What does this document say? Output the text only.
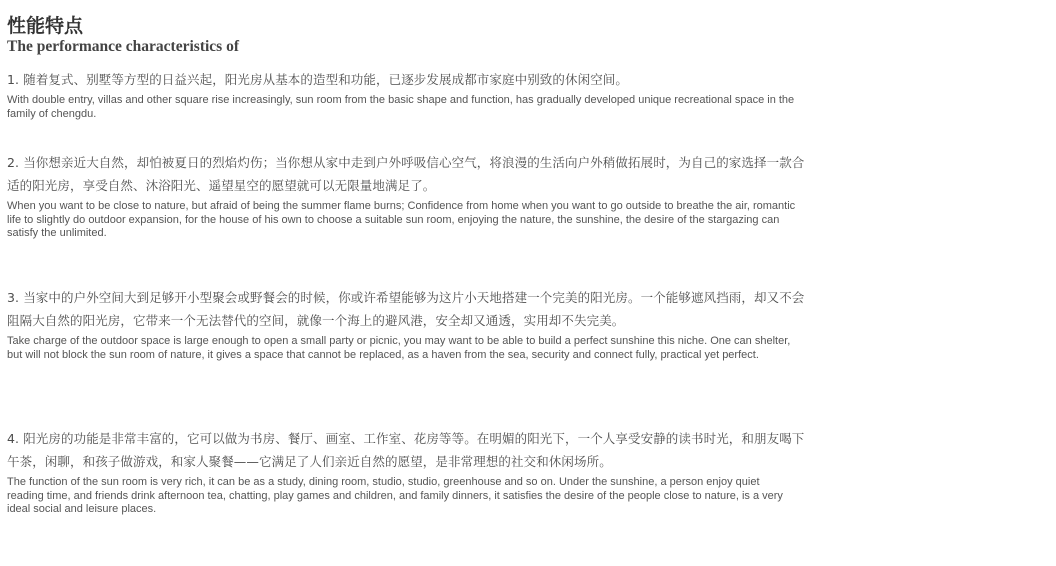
性能特点
The performance characteristics of

1. 随着复式、别墅等方型的日益兴起，阳光房从基本的造型和功能，已逐步发展成都市家庭中别致的休闲空间。

With double entry, villas and other square rise increasingly, sun room from the basic shape and function, has gradually developed unique recreational space in the family of chengdu.

2. 当你想亲近大自然，却怕被夏日的烈焰灼伤；当你想从家中走到户外呼吸信心空气，将浪漫的生活向户外稍做拓展时，为自己的家选择一款合适的阳光房，享受自然、沐浴阳光、遥望星空的愿望就可以无限量地满足了。

When you want to be close to nature, but afraid of being the summer flame burns; Confidence from home when you want to go outside to breathe the air, romantic life to slightly do outdoor expansion, for the house of his own to choose a suitable sun room, enjoying the nature, the sunshine, the desire of the stargazing can satisfy the unlimited.

3. 当家中的户外空间大到足够开小型聚会或野餐会的时候，你或许希望能够为这片小天地搭建一个完美的阳光房。一个能够遮风挡雨，却又不会阻隔大自然的阳光房，它带来一个无法替代的空间，就像一个海上的避风港，安全却又通透，实用却不失完美。

Take charge of the outdoor space is large enough to open a small party or picnic, you may want to be able to build a perfect sunshine this niche. One can shelter, but will not block the sun room of nature, it gives a space that cannot be replaced, as a haven from the sea, security and connect fully, practical yet perfect.

4. 阳光房的功能是非常丰富的，它可以做为书房、餐厅、画室、工作室、花房等等。在明媚的阳光下，一个人享受安静的读书时光，和朋友喝下午茶，闲聊，和孩子做游戏，和家人聚餐——它满足了人们亲近自然的愿望，是非常理想的社交和休闲场所。

The function of the sun room is very rich, it can be as a study, dining room, studio, studio, greenhouse and so on. Under the sunshine, a person enjoy quiet reading time, and friends drink afternoon tea, chatting, play games and children, and family dinners, it satisfies the desire of the people close to nature, is a very ideal social and leisure places.
